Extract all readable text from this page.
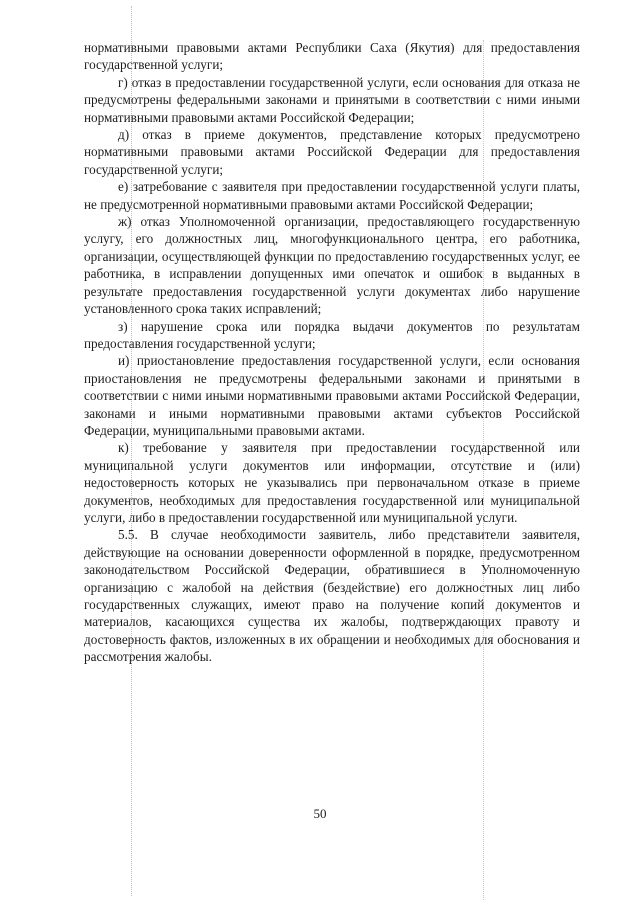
нормативными правовыми актами Республики Саха (Якутия) для предоставления государственной услуги;

г) отказ в предоставлении государственной услуги, если основания для отказа не предусмотрены федеральными законами и принятыми в соответствии с ними иными нормативными правовыми актами Российской Федерации;

д) отказ в приеме документов, представление которых предусмотрено нормативными правовыми актами Российской Федерации для предоставления государственной услуги;

е) затребование с заявителя при предоставлении государственной услуги платы, не предусмотренной нормативными правовыми актами Российской Федерации;

ж) отказ Уполномоченной организации, предоставляющего государственную услугу, его должностных лиц, многофункционального центра, его работника, организации, осуществляющей функции по предоставлению государственных услуг, ее работника, в исправлении допущенных ими опечаток и ошибок в выданных в результате предоставления государственной услуги документах либо нарушение установленного срока таких исправлений;

з) нарушение срока или порядка выдачи документов по результатам предоставления государственной услуги;

и) приостановление предоставления государственной услуги, если основания приостановления не предусмотрены федеральными законами и принятыми в соответствии с ними иными нормативными правовыми актами Российской Федерации, законами и иными нормативными правовыми актами субъектов Российской Федерации, муниципальными правовыми актами.

к) требование у заявителя при предоставлении государственной или муниципальной услуги документов или информации, отсутствие и (или) недостоверность которых не указывались при первоначальном отказе в приеме документов, необходимых для предоставления государственной или муниципальной услуги, либо в предоставлении государственной или муниципальной услуги.

5.5. В случае необходимости заявитель, либо представители заявителя, действующие на основании доверенности оформленной в порядке, предусмотренном законодательством Российской Федерации, обратившиеся в Уполномоченную организацию с жалобой на действия (бездействие) его должностных лиц либо государственных служащих, имеют право на получение копий документов и материалов, касающихся существа их жалобы, подтверждающих правоту и достоверность фактов, изложенных в их обращении и необходимых для обоснования и рассмотрения жалобы.

50
